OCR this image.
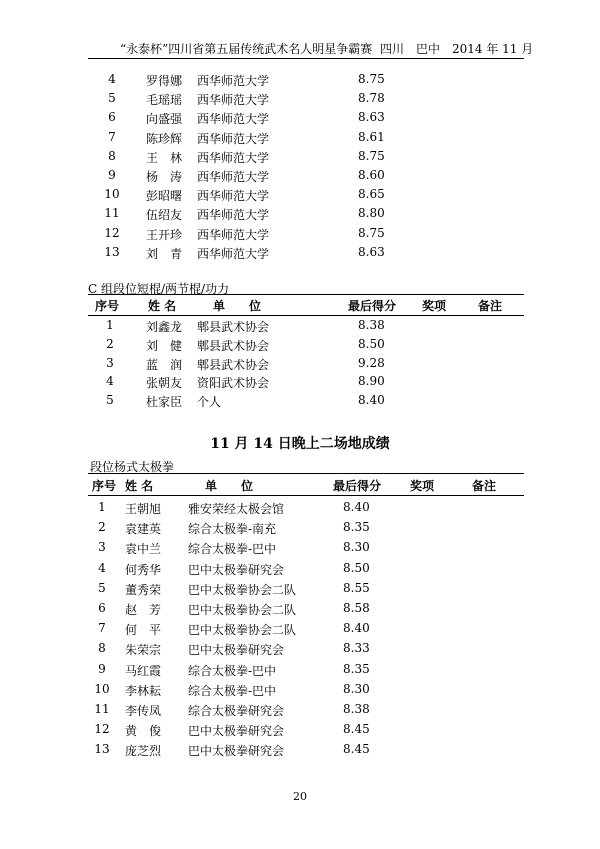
“永泰杯”四川省第五届传统武术名人明星争霸赛 四川　巴中　2014 年 11 月
4	罗得娜 西华师范大学	8.75
5	毛瑶瑶 西华师范大学	8.78
6	向盛强 西华师范大学	8.63
7	陈珍辉 西华师范大学	8.61
8	王　林 西华师范大学	8.75
9	杨　涛 西华师范大学	8.60
10	彭昭曙 西华师范大学	8.65
11	伍绍友 西华师范大学	8.80
12	王开珍 西华师范大学	8.75
13	刘　青 西华师范大学	8.63
C 组段位短棍/两节棍/功力
序号 姓 名	单　　位	最后得分 奖项	备注
1	刘鑫龙 郫县武术协会	8.38
2	刘　健 郫县武术协会	8.50
3	蓝　润 郫县武术协会	9.28
4	张朝友 资阳武术协会	8.90
5	杜家臣 个人	8.40
11 月 14 日晚上二场地成绩
段位杨式太极拳
序号 姓 名	单　　位	最后得分 奖项	备注
1	王朝旭 雅安荣经太极会馆	8.40
2	袁建英 综合太极拳-南充	8.35
3	袁中兰 综合太极拳-巴中	8.30
4	何秀华 巴中太极拳研究会	8.50
5	董秀荣 巴中太极拳协会二队	8.55
6	赵　芳 巴中太极拳协会二队	8.58
7	何　平 巴中太极拳协会二队	8.40
8	朱荣宗 巴中太极拳研究会	8.33
9	马红霞 综合太极拳-巴中	8.35
10	李林耘 综合太极拳-巴中	8.30
11	李传凤 综合太极拳研究会	8.38
12	黄　俊 巴中太极拳研究会	8.45
13	庞芝烈 巴中太极拳研究会	8.45
20
